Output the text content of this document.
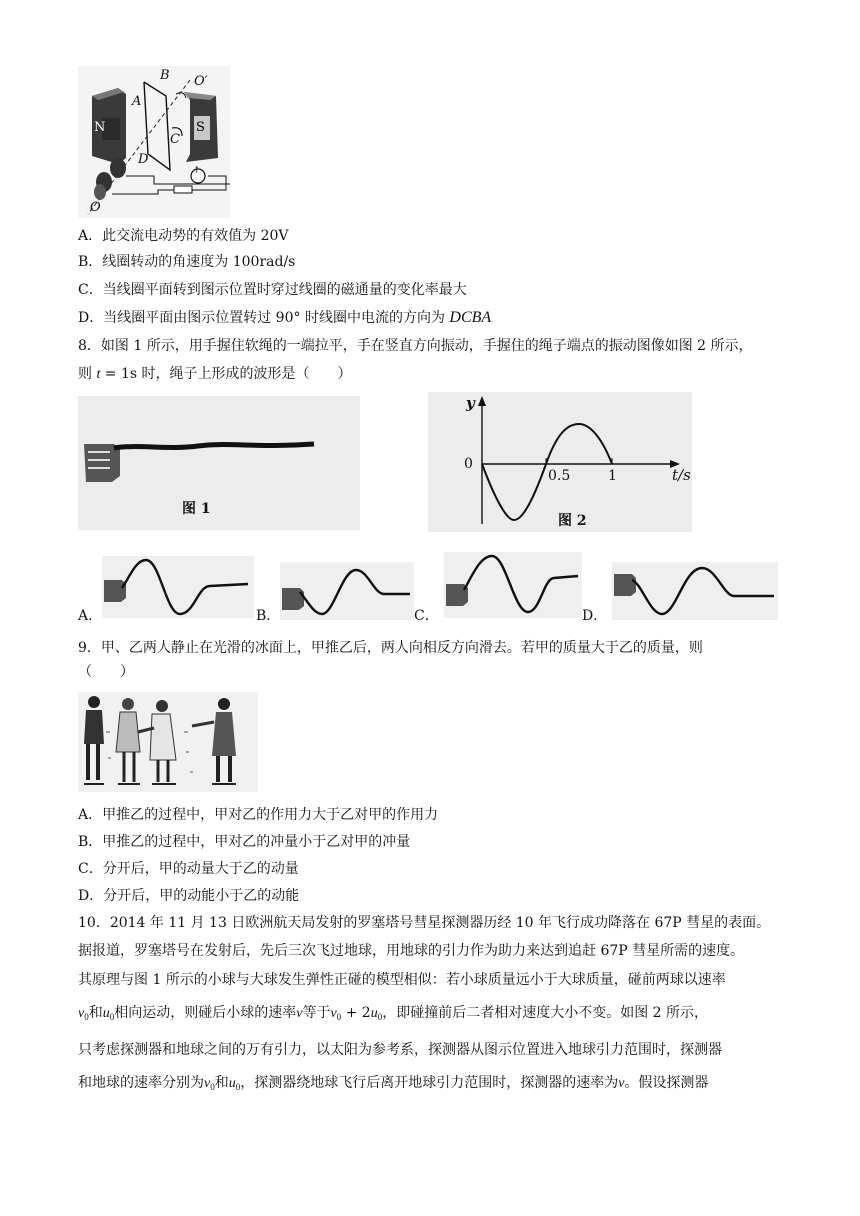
B O′
A
C
D
N	S
O
↑
A．此交流电动势的有效值为 20V
B．线圈转动的角速度为 100rad/s
C．当线圈平面转到图示位置时穿过线圈的磁通量的变化率最大
D．当线圈平面由图示位置转过 90° 时线圈中电流的方向为 DCBA
8．如图 1 所示，用手握住软绳的一端拉平，手在竖直方向振动，手握住的绳子端点的振动图像如图 2 所示，
则 t = 1s 时，绳子上形成的波形是（　　）
图 1
y
0
0.5	1	t/s
图 2
A．	B．	C．	D．
9．甲、乙两人静止在光滑的冰面上，甲推乙后，两人向相反方向滑去。若甲的质量大于乙的质量，则
（　　）
A．甲推乙的过程中，甲对乙的作用力大于乙对甲的作用力
B．甲推乙的过程中，甲对乙的冲量小于乙对甲的冲量
C．分开后，甲的动量大于乙的动量
D．分开后，甲的动能小于乙的动能
10．2014 年 11 月 13 日欧洲航天局发射的罗塞塔号彗星探测器历经 10 年飞行成功降落在 67P 彗星的表面。
据报道，罗塞塔号在发射后，先后三次飞过地球，用地球的引力作为助力来达到追赶 67P 彗星所需的速度。
其原理与图 1 所示的小球与大球发生弹性正碰的模型相似：若小球质量远小于大球质量，碰前两球以速率
$v_0$和$u_0$相向运动，则碰后小球的速率v等于$v_0 + 2u_0$，即碰撞前后二者相对速度大小不变。如图 2 所示，
只考虑探测器和地球之间的万有引力，以太阳为参考系，探测器从图示位置进入地球引力范围时，探测器
和地球的速率分别为$v_0$和$u_0$，探测器绕地球飞行后离开地球引力范围时，探测器的速率为v。假设探测器
